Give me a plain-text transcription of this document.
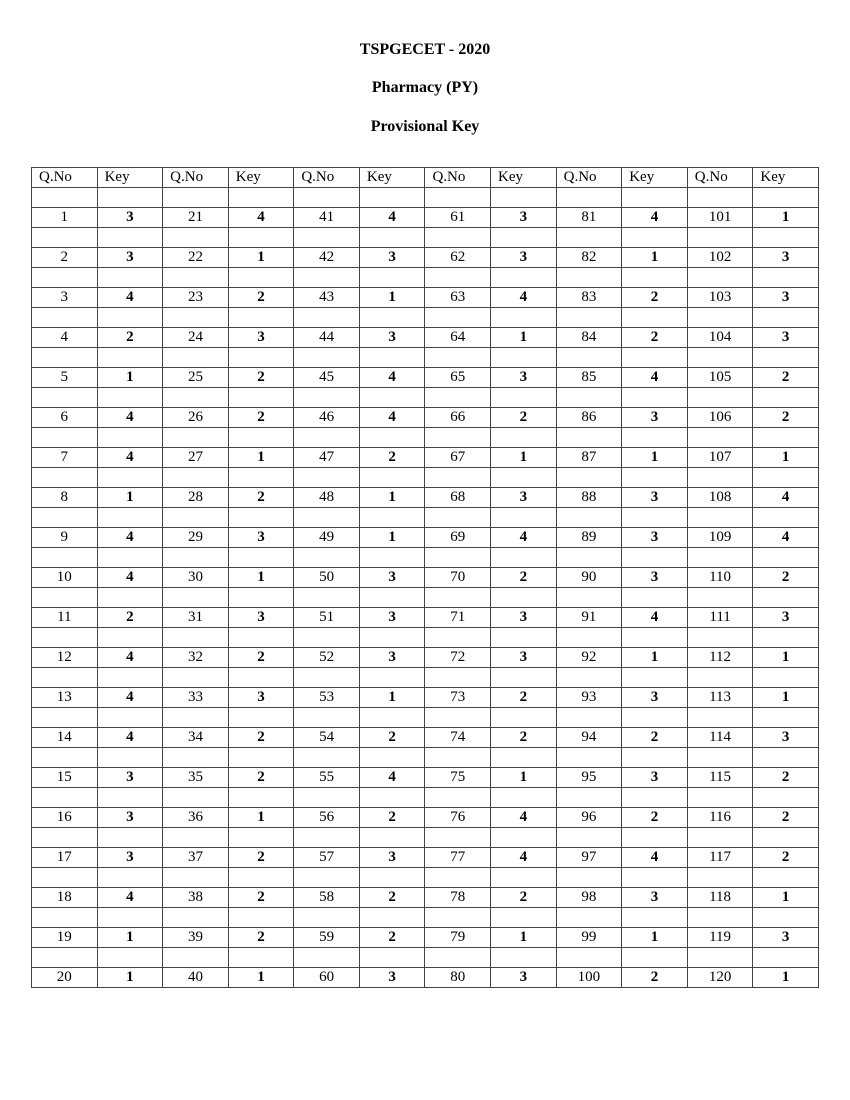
TSPGECET - 2020
Pharmacy (PY)
Provisional Key
Q.No	Key	Q.No	Key	Q.No	Key	Q.No	Key	Q.No	Key	Q.No	Key

1	3	21	4	41	4	61	3	81	4	101	1

2	3	22	1	42	3	62	3	82	1	102	3

3	4	23	2	43	1	63	4	83	2	103	3

4	2	24	3	44	3	64	1	84	2	104	3

5	1	25	2	45	4	65	3	85	4	105	2

6	4	26	2	46	4	66	2	86	3	106	2

7	4	27	1	47	2	67	1	87	1	107	1

8	1	28	2	48	1	68	3	88	3	108	4

9	4	29	3	49	1	69	4	89	3	109	4

10	4	30	1	50	3	70	2	90	3	110	2

11	2	31	3	51	3	71	3	91	4	111	3

12	4	32	2	52	3	72	3	92	1	112	1

13	4	33	3	53	1	73	2	93	3	113	1

14	4	34	2	54	2	74	2	94	2	114	3

15	3	35	2	55	4	75	1	95	3	115	2

16	3	36	1	56	2	76	4	96	2	116	2

17	3	37	2	57	3	77	4	97	4	117	2

18	4	38	2	58	2	78	2	98	3	118	1

19	1	39	2	59	2	79	1	99	1	119	3

20	1	40	1	60	3	80	3	100	2	120	1
